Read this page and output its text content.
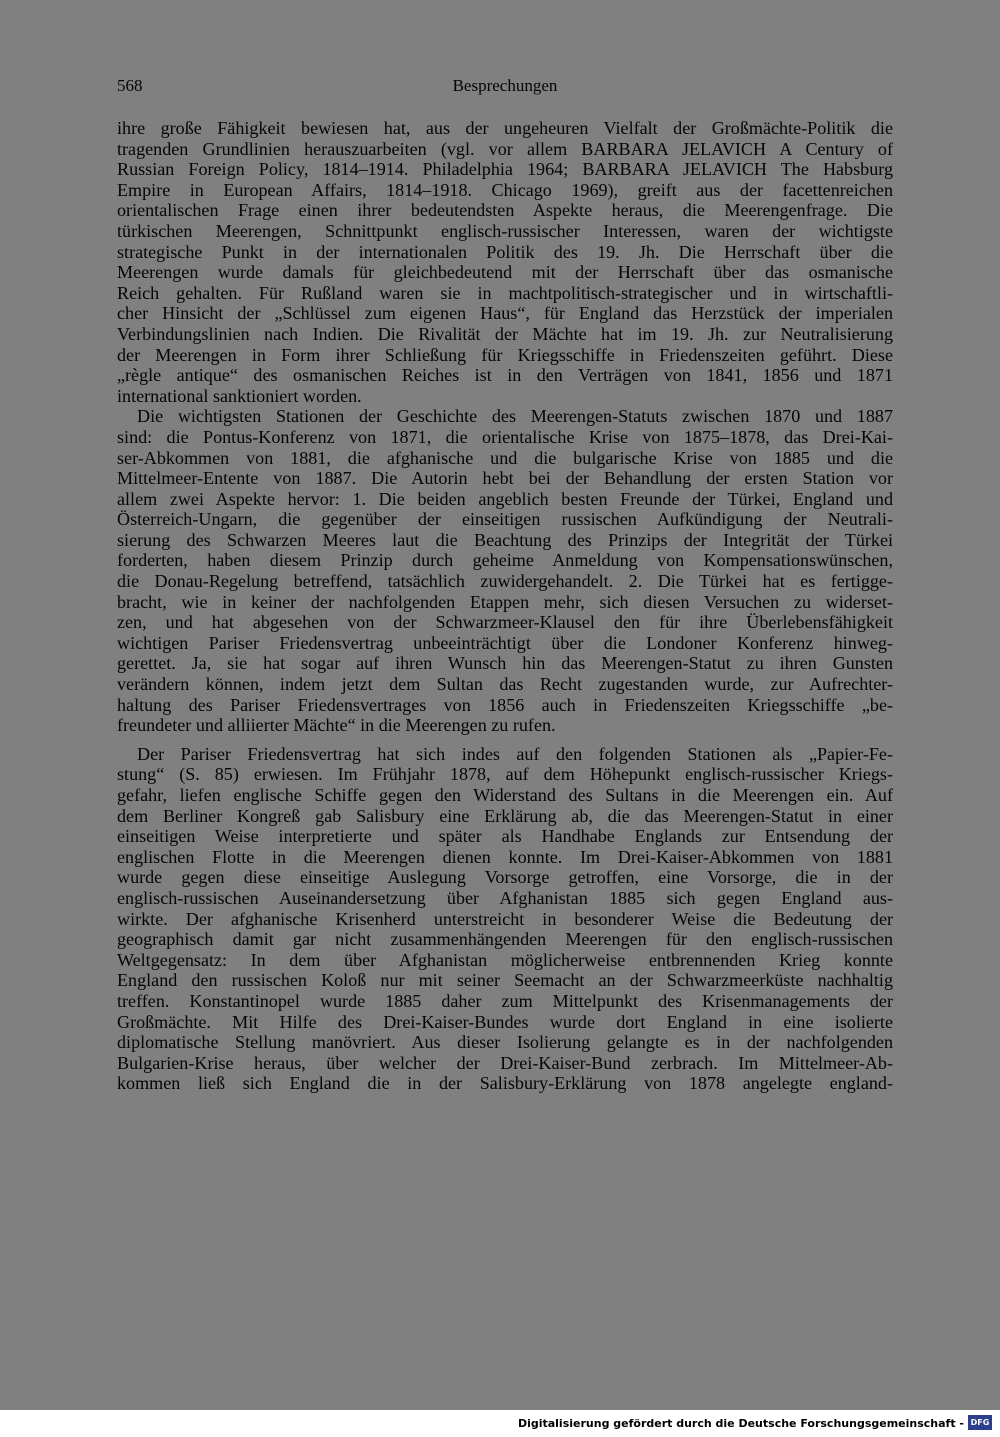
568	Besprechungen
ihre große Fähigkeit bewiesen hat, aus der ungeheuren Vielfalt der Großmächte-Politik die
tragenden Grundlinien herauszuarbeiten (vgl. vor allem BARBARA JELAVICH A Century of
Russian Foreign Policy, 1814–1914. Philadelphia 1964; BARBARA JELAVICH The Habsburg
Empire in European Affairs, 1814–1918. Chicago 1969), greift aus der facettenreichen
orientalischen Frage einen ihrer bedeutendsten Aspekte heraus, die Meerengenfrage. Die
türkischen Meerengen, Schnittpunkt englisch-russischer Interessen, waren der wichtigste
strategische Punkt in der internationalen Politik des 19. Jh. Die Herrschaft über die
Meerengen wurde damals für gleichbedeutend mit der Herrschaft über das osmanische
Reich gehalten. Für Rußland waren sie in machtpolitisch-strategischer und in wirtschaftli-
cher Hinsicht der „Schlüssel zum eigenen Haus“, für England das Herzstück der imperialen
Verbindungslinien nach Indien. Die Rivalität der Mächte hat im 19. Jh. zur Neutralisierung
der Meerengen in Form ihrer Schließung für Kriegsschiffe in Friedenszeiten geführt. Diese
„règle antique“ des osmanischen Reiches ist in den Verträgen von 1841, 1856 und 1871
international sanktioniert worden.
Die wichtigsten Stationen der Geschichte des Meerengen-Statuts zwischen 1870 und 1887
sind: die Pontus-Konferenz von 1871, die orientalische Krise von 1875–1878, das Drei-Kai-
ser-Abkommen von 1881, die afghanische und die bulgarische Krise von 1885 und die
Mittelmeer-Entente von 1887. Die Autorin hebt bei der Behandlung der ersten Station vor
allem zwei Aspekte hervor: 1. Die beiden angeblich besten Freunde der Türkei, England und
Österreich-Ungarn, die gegenüber der einseitigen russischen Aufkündigung der Neutrali-
sierung des Schwarzen Meeres laut die Beachtung des Prinzips der Integrität der Türkei
forderten, haben diesem Prinzip durch geheime Anmeldung von Kompensationswünschen,
die Donau-Regelung betreffend, tatsächlich zuwidergehandelt. 2. Die Türkei hat es fertigge-
bracht, wie in keiner der nachfolgenden Etappen mehr, sich diesen Versuchen zu widerset-
zen, und hat abgesehen von der Schwarzmeer-Klausel den für ihre Überlebensfähigkeit
wichtigen Pariser Friedensvertrag unbeeinträchtigt über die Londoner Konferenz hinweg-
gerettet. Ja, sie hat sogar auf ihren Wunsch hin das Meerengen-Statut zu ihren Gunsten
verändern können, indem jetzt dem Sultan das Recht zugestanden wurde, zur Aufrechter-
haltung des Pariser Friedensvertrages von 1856 auch in Friedenszeiten Kriegsschiffe „be-
freundeter und alliierter Mächte“ in die Meerengen zu rufen.
Der Pariser Friedensvertrag hat sich indes auf den folgenden Stationen als „Papier-Fe-
stung“ (S. 85) erwiesen. Im Frühjahr 1878, auf dem Höhepunkt englisch-russischer Kriegs-
gefahr, liefen englische Schiffe gegen den Widerstand des Sultans in die Meerengen ein. Auf
dem Berliner Kongreß gab Salisbury eine Erklärung ab, die das Meerengen-Statut in einer
einseitigen Weise interpretierte und später als Handhabe Englands zur Entsendung der
englischen Flotte in die Meerengen dienen konnte. Im Drei-Kaiser-Abkommen von 1881
wurde gegen diese einseitige Auslegung Vorsorge getroffen, eine Vorsorge, die in der
englisch-russischen Auseinandersetzung über Afghanistan 1885 sich gegen England aus-
wirkte. Der afghanische Krisenherd unterstreicht in besonderer Weise die Bedeutung der
geographisch damit gar nicht zusammenhängenden Meerengen für den englisch-russischen
Weltgegensatz: In dem über Afghanistan möglicherweise entbrennenden Krieg konnte
England den russischen Koloß nur mit seiner Seemacht an der Schwarzmeerküste nachhaltig
treffen. Konstantinopel wurde 1885 daher zum Mittelpunkt des Krisenmanagements der
Großmächte. Mit Hilfe des Drei-Kaiser-Bundes wurde dort England in eine isolierte
diplomatische Stellung manövriert. Aus dieser Isolierung gelangte es in der nachfolgenden
Bulgarien-Krise heraus, über welcher der Drei-Kaiser-Bund zerbrach. Im Mittelmeer-Ab-
kommen ließ sich England die in der Salisbury-Erklärung von 1878 angelegte england-
Digitalisierung gefördert durch die Deutsche Forschungsgemeinschaft - DFG
